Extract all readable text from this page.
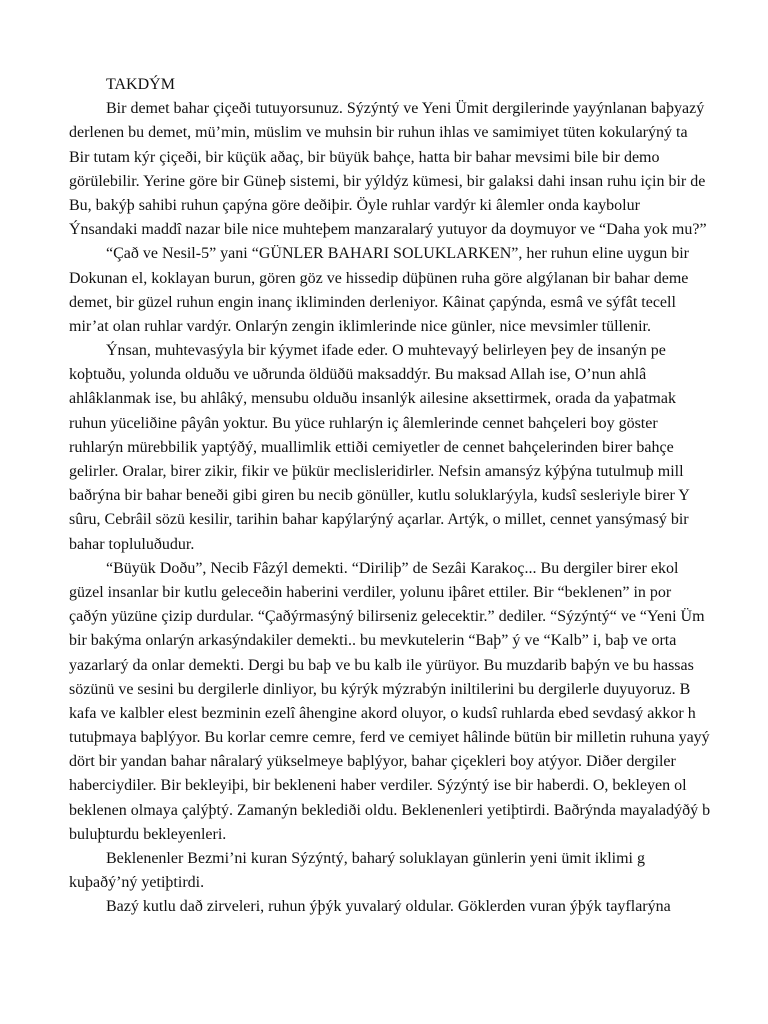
TAKDÝM
Bir demet bahar çiçeði tutuyorsunuz. Sýzýntý ve Yeni Ümit dergilerinde yayýnlanan baþyazý
derlenen bu demet, mü’min, müslim ve muhsin bir ruhun ihlas ve samimiyet tüten kokularýný ta
Bir tutam kýr çiçeði, bir küçük aðaç, bir büyük bahçe, hatta bir bahar mevsimi bile bir demo
görülebilir. Yerine göre bir Güneþ sistemi, bir yýldýz kümesi, bir galaksi dahi insan ruhu için bir de
Bu, bakýþ sahibi ruhun çapýna göre deðiþir. Öyle ruhlar vardýr ki âlemler onda kaybolur
Ýnsandaki maddî nazar bile nice muhteþem manzaralarý yutuyor da doymuyor ve “Daha yok mu?”
“Çað ve Nesil-5” yani “GÜNLER BAHARI SOLUKLARKEN”, her ruhun eline uygun bir
Dokunan el, koklayan burun, gören göz ve hissedip düþünen ruha göre algýlanan bir bahar deme
demet, bir güzel ruhun engin inanç ikliminden derleniyor. Kâinat çapýnda, esmâ ve sýfât tecell
mir’at olan ruhlar vardýr. Onlarýn zengin iklimlerinde nice günler, nice mevsimler tüllenir.
Ýnsan, muhtevasýyla bir kýymet ifade eder. O muhtevayý belirleyen þey de insanýn pe
koþtuðu, yolunda olduðu ve uðrunda öldüðü maksaddýr. Bu maksad Allah ise, O’nun ahlâ
ahlâklanmak ise, bu ahlâký, mensubu olduðu insanlýk ailesine aksettirmek, orada da yaþatmak
ruhun yüceliðine pâyân yoktur. Bu yüce ruhlarýn iç âlemlerinde cennet bahçeleri boy göster
ruhlarýn mürebbilik yaptýðý, muallimlik ettiði cemiyetler de cennet bahçelerinden birer bahçe
gelirler. Oralar, birer zikir, fikir ve þükür meclisleridirler. Nefsin amansýz kýþýna tutulmuþ mill
baðrýna bir bahar beneði gibi giren bu necib gönüller, kutlu soluklarýyla, kudsî sesleriyle birer Y
sûru, Cebrâil sözü kesilir, tarihin bahar kapýlarýný açarlar. Artýk, o millet, cennet yansýmasý bir
bahar topluluðudur.
“Büyük Doðu”, Necib Fâzýl demekti. “Diriliþ” de Sezâi Karakoç... Bu dergiler birer ekol
güzel insanlar bir kutlu geleceðin haberini verdiler, yolunu iþâret ettiler. Bir “beklenen” in por
çaðýn yüzüne çizip durdular. “Çaðýrmasýný bilirseniz gelecektir.” dediler. “Sýzýntý“ ve “Yeni Üm
bir bakýma onlarýn arkasýndakiler demekti.. bu mevkutelerin “Baþ” ý ve “Kalb” i, baþ ve orta
yazarlarý da onlar demekti. Dergi bu baþ ve bu kalb ile yürüyor. Bu muzdarib baþýn ve bu hassas
sözünü ve sesini bu dergilerle dinliyor, bu kýrýk mýzrabýn iniltilerini bu dergilerle duyuyoruz. B
kafa ve kalbler elest bezminin ezelî âhengine akord oluyor, o kudsî ruhlarda ebed sevdasý akkor h
tutuþmaya baþlýyor. Bu korlar cemre cemre, ferd ve cemiyet hâlinde bütün bir milletin ruhuna yayý
dört bir yandan bahar nâralarý yükselmeye baþlýyor, bahar çiçekleri boy atýyor. Diðer dergiler
haberciydiler. Bir bekleyiþi, bir bekleneni haber verdiler. Sýzýntý ise bir haberdi. O, bekleyen ol
beklenen olmaya çalýþtý. Zamanýn beklediði oldu. Beklenenleri yetiþtirdi. Baðrýnda mayaladýðý b
buluþturdu bekleyenleri.
Beklenenler Bezmi’ni kuran Sýzýntý, baharý soluklayan günlerin yeni ümit iklimi g
kuþaðý’ný yetiþtirdi.
Bazý kutlu dað zirveleri, ruhun ýþýk yuvalarý oldular. Göklerden vuran ýþýk tayflarýna
